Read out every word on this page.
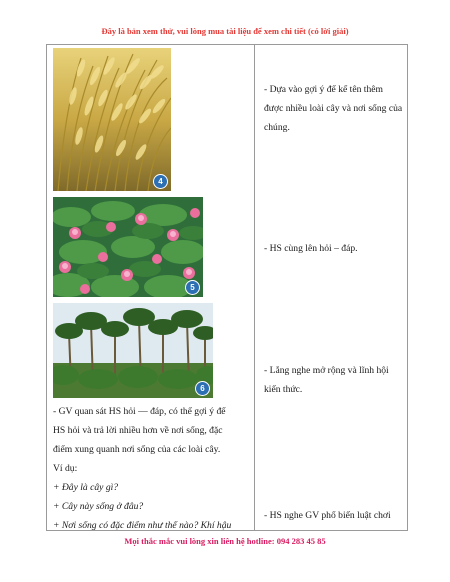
Đây là bản xem thử, vui lòng mua tài liệu để xem chi tiết (có lời giải)
4
5
6
- GV quan sát HS hỏi — đáp, có thể gợi ý để
HS hỏi và trả lời nhiều hơn về nơi sống, đặc
điểm xung quanh nơi sống của các loài cây.
Ví dụ:
+ Đây là cây gì?
+ Cây này sống ở đâu?
+ Nơi sống có đặc điểm như thế nào? Khí hậu
- Dựa vào gợi ý để kể tên thêm
được nhiều loài cây và nơi sống của
chúng.
- HS cùng lên hỏi – đáp.
- Lắng nghe mở rộng và lĩnh hội
kiến thức.
- HS nghe GV phổ biến luật chơi
Mọi thắc mắc vui lòng xin liên hệ hotline: 094 283 45 85
